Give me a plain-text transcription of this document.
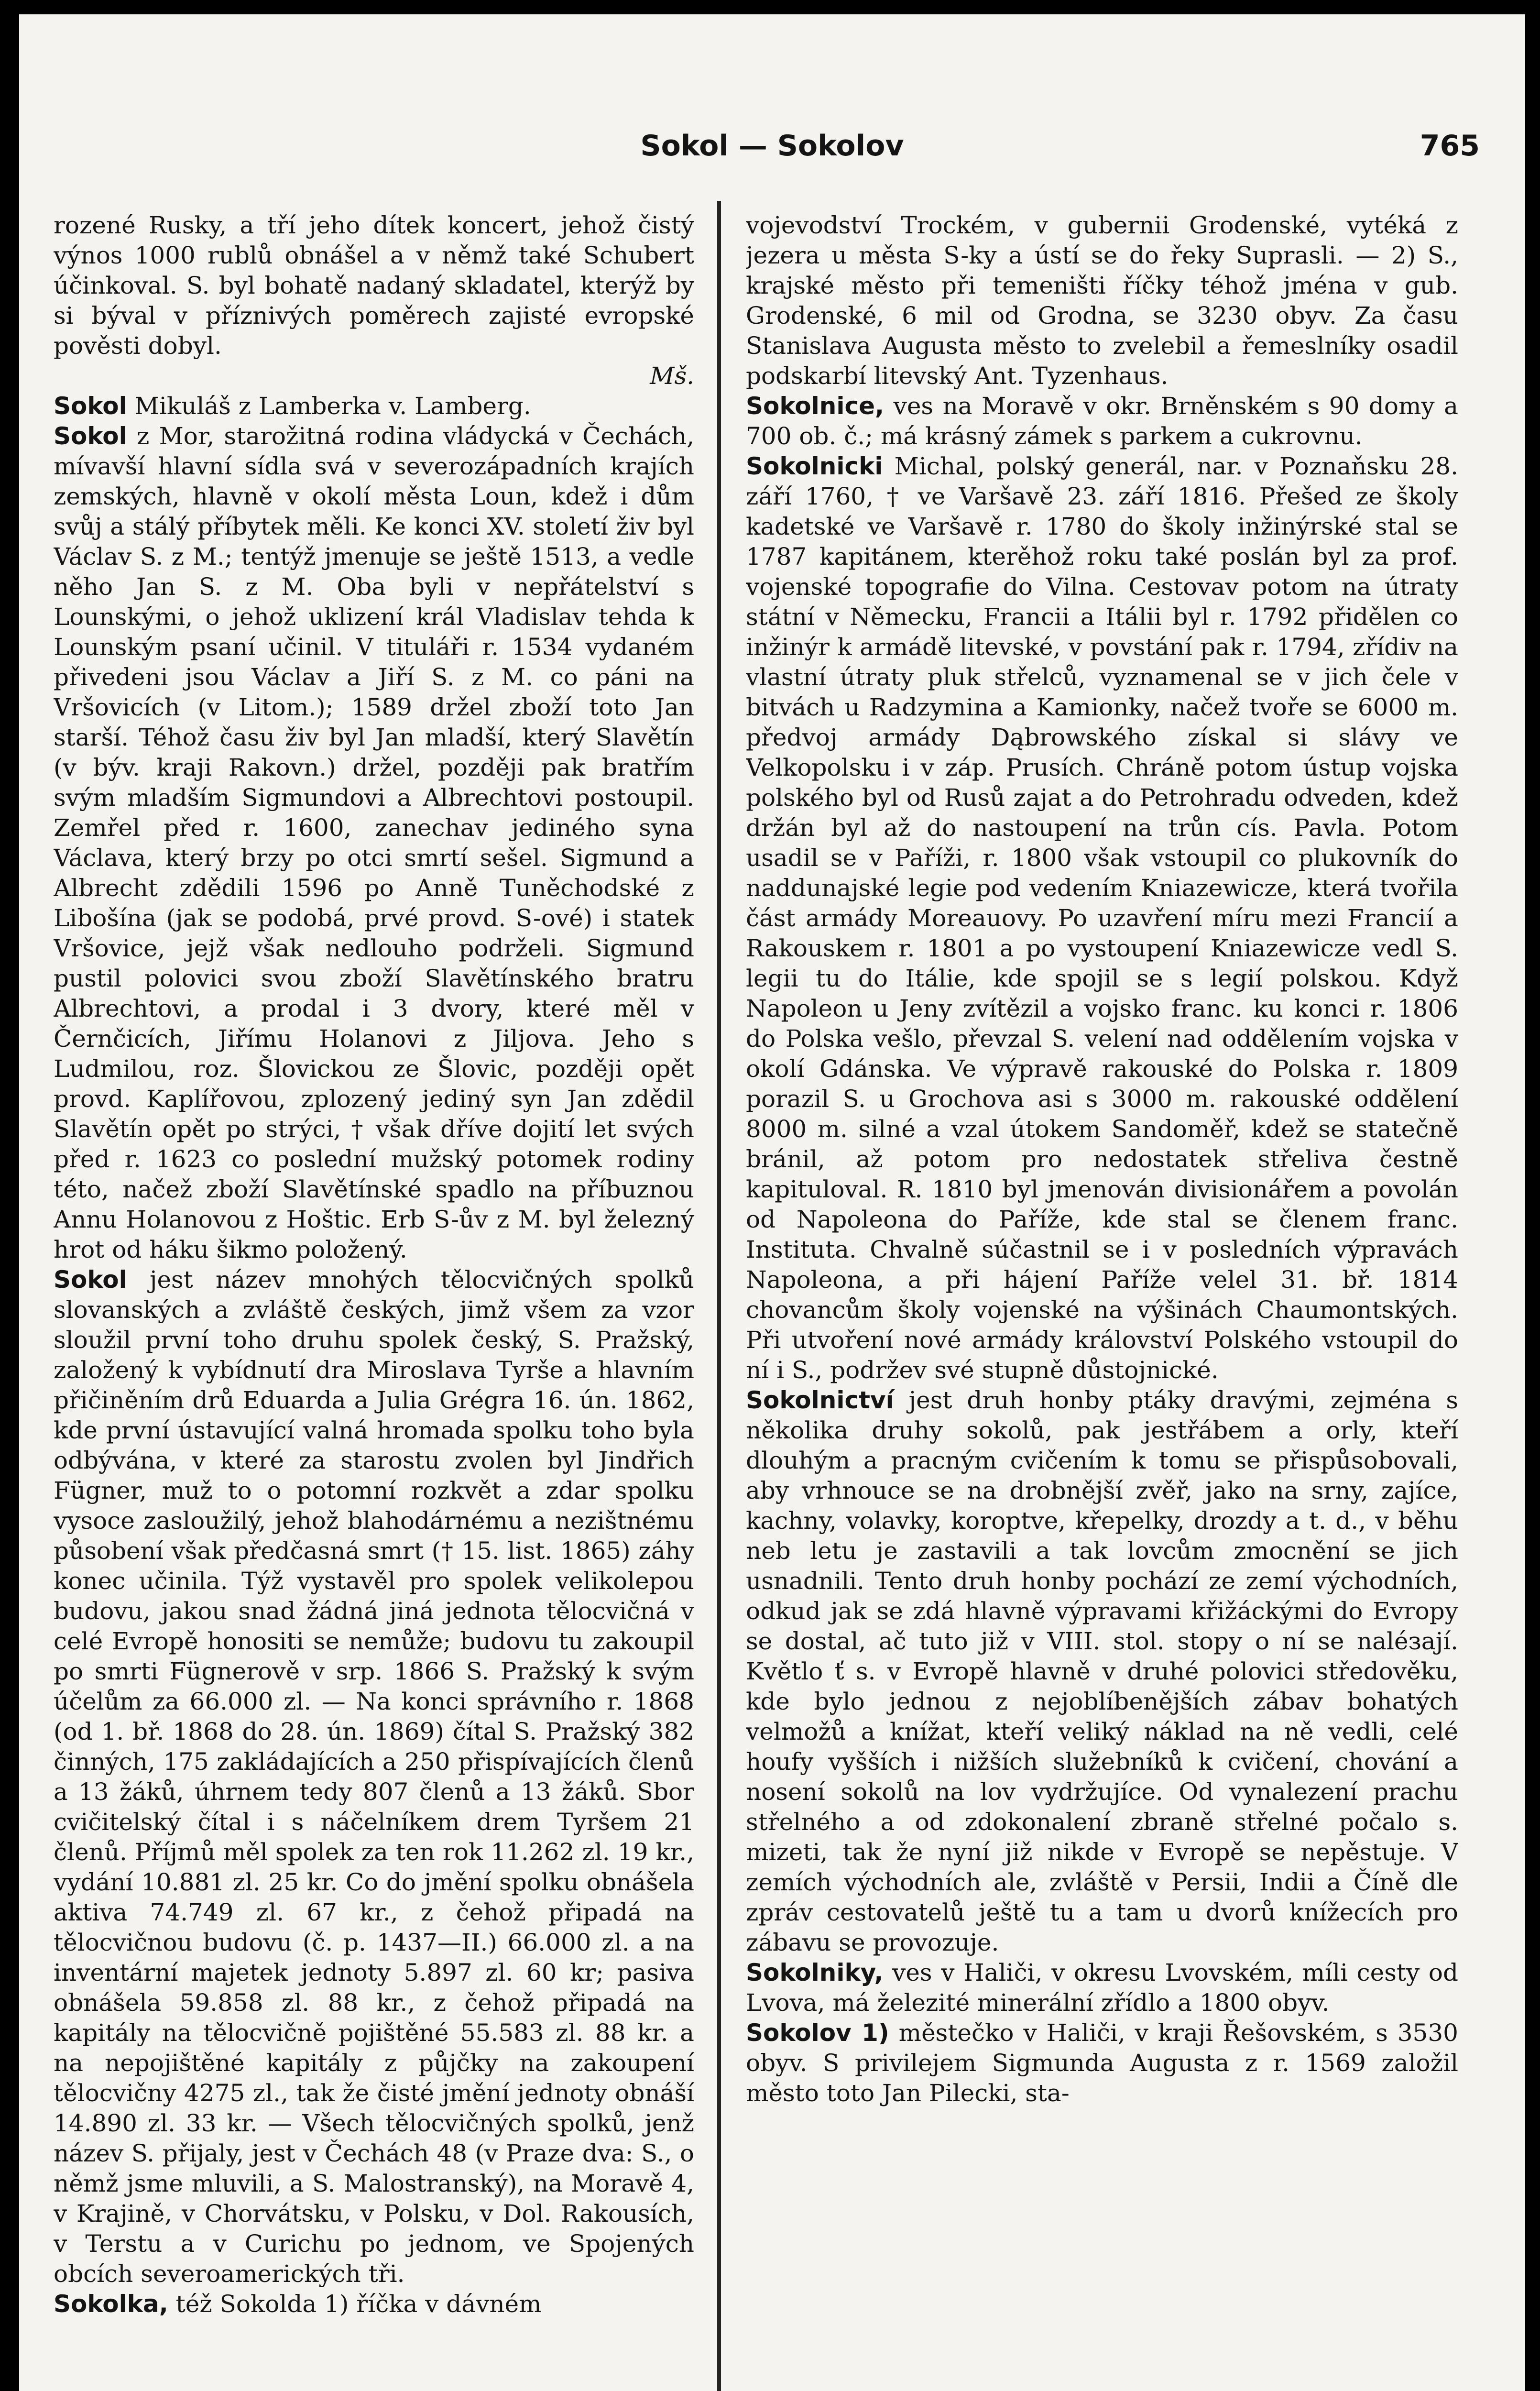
Sokol — Sokolov	765

rozené Rusky, a tří jeho dítek koncert, jehož čistý výnos 1000 rublů obnášel a v němž také Schubert účinkoval. S. byl bohatě nadaný skladatel, kterýž by si býval v příznivých poměrech zajisté evropské pověsti dobyl.

Mš.

Sokol Mikuláš z Lamberka v. Lamberg.

Sokol z Mor, starožitná rodina vládycká v Čechách, mívavší hlavní sídla svá v severozápadních krajích zemských, hlavně v okolí města Loun, kdež i dům svůj a stálý příbytek měli. Ke konci XV. století živ byl Václav S. z M.; tentýž jmenuje se ještě 1513, a vedle něho Jan S. z M. Oba byli v nepřátelství s Lounskými, o jehož uklizení král Vladislav tehda k Lounským psaní učinil. V tituláři r. 1534 vydaném přivedeni jsou Václav a Jiří S. z M. co páni na Vršovicích (v Litom.); 1589 držel zboží toto Jan starší. Téhož času živ byl Jan mladší, který Slavětín (v býv. kraji Rakovn.) držel, později pak bratřím svým mladším Sigmundovi a Albrechtovi postoupil. Zemřel před r. 1600, zanechav jediného syna Václava, který brzy po otci smrtí sešel. Sigmund a Albrecht zdědili 1596 po Anně Tuněchodské z Libošína (jak se podobá, prvé provd. S-ové) i statek Vršovice, jejž však nedlouho podrželi. Sigmund pustil polovici svou zboží Slavětínského bratru Albrechtovi, a prodal i 3 dvory, které měl v Černčicích, Jiřímu Holanovi z Jiljova. Jeho s Ludmilou, roz. Šlovickou ze Šlovic, později opět provd. Kaplířovou, zplozený jediný syn Jan zdědil Slavětín opět po strýci, † však dříve dojití let svých před r. 1623 co poslední mužský potomek rodiny této, načež zboží Slavětínské spadlo na příbuznou Annu Holanovou z Hoštic. Erb S-ův z M. byl železný hrot od háku šikmo položený.

Sokol jest název mnohých tělocvičných spolků slovanských a zvláště českých, jimž všem za vzor sloužil první toho druhu spolek český, S. Pražský, založený k vybídnutí dra Miroslava Tyrše a hlavním přičiněním drů Eduarda a Julia Grégra 16. ún. 1862, kde první ústavující valná hromada spolku toho byla odbývána, v které za starostu zvolen byl Jindřich Fügner, muž to o potomní rozkvět a zdar spolku vysoce zasloužilý, jehož blahodárnému a nezištnému působení však předčasná smrt († 15. list. 1865) záhy konec učinila. Týž vystavěl pro spolek velikolepou budovu, jakou snad žádná jiná jednota tělocvičná v celé Evropě honositi se nemůže; budovu tu zakoupil po smrti Fügnerově v srp. 1866 S. Pražský k svým účelům za 66.000 zl. — Na konci správního r. 1868 (od 1. bř. 1868 do 28. ún. 1869) čítal S. Pražský 382 činných, 175 zakládajících a 250 přispívajících členů a 13 žáků, úhrnem tedy 807 členů a 13 žáků. Sbor cvičitelský čítal i s náčelníkem drem Tyršem 21 členů. Příjmů měl spolek za ten rok 11.262 zl. 19 kr., vydání 10.881 zl. 25 kr. Co do jmění spolku obnášela aktiva 74.749 zl. 67 kr., z čehož připadá na tělocvičnou budovu (č. p. 1437—II.) 66.000 zl. a na inventární majetek jednoty 5.897 zl. 60 kr; pasiva obnášela 59.858 zl. 88 kr., z čehož připadá na kapitály na tělocvičně pojištěné 55.583 zl. 88 kr. a na nepojištěné kapitály z půjčky na zakoupení tělocvičny 4275 zl., tak že čisté jmění jednoty obnáší 14.890 zl. 33 kr. — Všech tělocvičných spolků, jenž název S. přijaly, jest v Čechách 48 (v Praze dva: S., o němž jsme mluvili, a S. Malostranský), na Moravě 4, v Krajině, v Chorvátsku, v Polsku, v Dol. Rakousích, v Terstu a v Curichu po jednom, ve Spojených obcích severoamerických tři.

Sokolka, též Sokolda 1) říčka v dávném

vojevodství Trockém, v gubernii Grodenské, vytéká z jezera u města S-ky a ústí se do řeky Suprasli. — 2) S., krajské město při temeništi říčky téhož jména v gub. Grodenské, 6 mil od Grodna, se 3230 obyv. Za času Stanislava Augusta město to zvelebil a řemeslníky osadil podskarbí litevský Ant. Tyzenhaus.

Sokolnice, ves na Moravě v okr. Brněnském s 90 domy a 700 ob. č.; má krásný zámek s parkem a cukrovnu.

Sokolnicki Michal, polský generál, nar. v Poznaňsku 28. září 1760, † ve Varšavě 23. září 1816. Přešed ze školy kadetské ve Varšavě r. 1780 do školy inžinýrské stal se 1787 kapitánem, kterěhož roku také poslán byl za prof. vojenské topografie do Vilna. Cestovav potom na útraty státní v Německu, Francii a Itálii byl r. 1792 přidělen co inžinýr k armádě litevské, v povstání pak r. 1794, zřídiv na vlastní útraty pluk střelců, vyznamenal se v jich čele v bitvách u Radzymina a Kamionky, načež tvoře se 6000 m. předvoj armády Dąbrowského získal si slávy ve Velkopolsku i v záp. Prusích. Chráně potom ústup vojska polského byl od Rusů zajat a do Petrohradu odveden, kdež držán byl až do nastoupení na trůn cís. Pavla. Potom usadil se v Paříži, r. 1800 však vstoupil co plukovník do naddunajské legie pod vedením Kniazewicze, která tvořila část armády Moreauovy. Po uzavření míru mezi Francií a Rakouskem r. 1801 a po vystoupení Kniazewicze vedl S. legii tu do Itálie, kde spojil se s legií polskou. Když Napoleon u Jeny zvítězil a vojsko franc. ku konci r. 1806 do Polska vešlo, převzal S. velení nad oddělením vojska v okolí Gdánska. Ve výpravě rakouské do Polska r. 1809 porazil S. u Grochova asi s 3000 m. rakouské oddělení 8000 m. silné a vzal útokem Sandoměř, kdež se statečně bránil, až potom pro nedostatek střeliva čestně kapituloval. R. 1810 byl jmenován divisionářem a povolán od Napoleona do Paříže, kde stal se členem franc. Instituta. Chvalně súčastnil se i v posledních výpravách Napoleona, a při hájení Paříže velel 31. bř. 1814 chovancům školy vojenské na výšinách Chaumontských. Při utvoření nové armády království Polského vstoupil do ní i S., podržev své stupně důstojnické.

Sokolnictví jest druh honby ptáky dravými, zejména s několika druhy sokolů, pak jestřábem a orly, kteří dlouhým a pracným cvičením k tomu se přispůsobovali, aby vrhnouce se na drobnější zvěř, jako na srny, zajíce, kachny, volavky, koroptve, křepelky, drozdy a t. d., v běhu neb letu je zastavili a tak lovcům zmocnění se jich usnadnili. Tento druh honby pochází ze zemí východních, odkud jak se zdá hlavně výpravami křižáckými do Evropy se dostal, ač tuto již v VIII. stol. stopy o ní se naléзají. Květlo ť s. v Evropě hlavně v druhé polovici středověku, kde bylo jednou z nejoblíbenějších zábav bohatých velmožů a knížat, kteří veliký náklad na ně vedli, celé houfy vyšších i nižších služebníků k cvičení, chování a nosení sokolů na lov vydržujíce. Od vynalezení prachu střelného a od zdokonalení zbraně střelné počalo s. mizeti, tak že nyní již nikde v Evropě se nepěstuje. V zemích východních ale, zvláště v Persii, Indii a Číně dle zpráv cestovatelů ještě tu a tam u dvorů knížecích pro zábavu se provozuje.

Sokolniky, ves v Haliči, v okresu Lvovském, míli cesty od Lvova, má železité minerální zřídlo a 1800 obyv.

Sokolov 1) městečko v Haliči, v kraji Řešovském, s 3530 obyv. S privilejem Sigmunda Augusta z r. 1569 založil město toto Jan Pilecki, sta-
